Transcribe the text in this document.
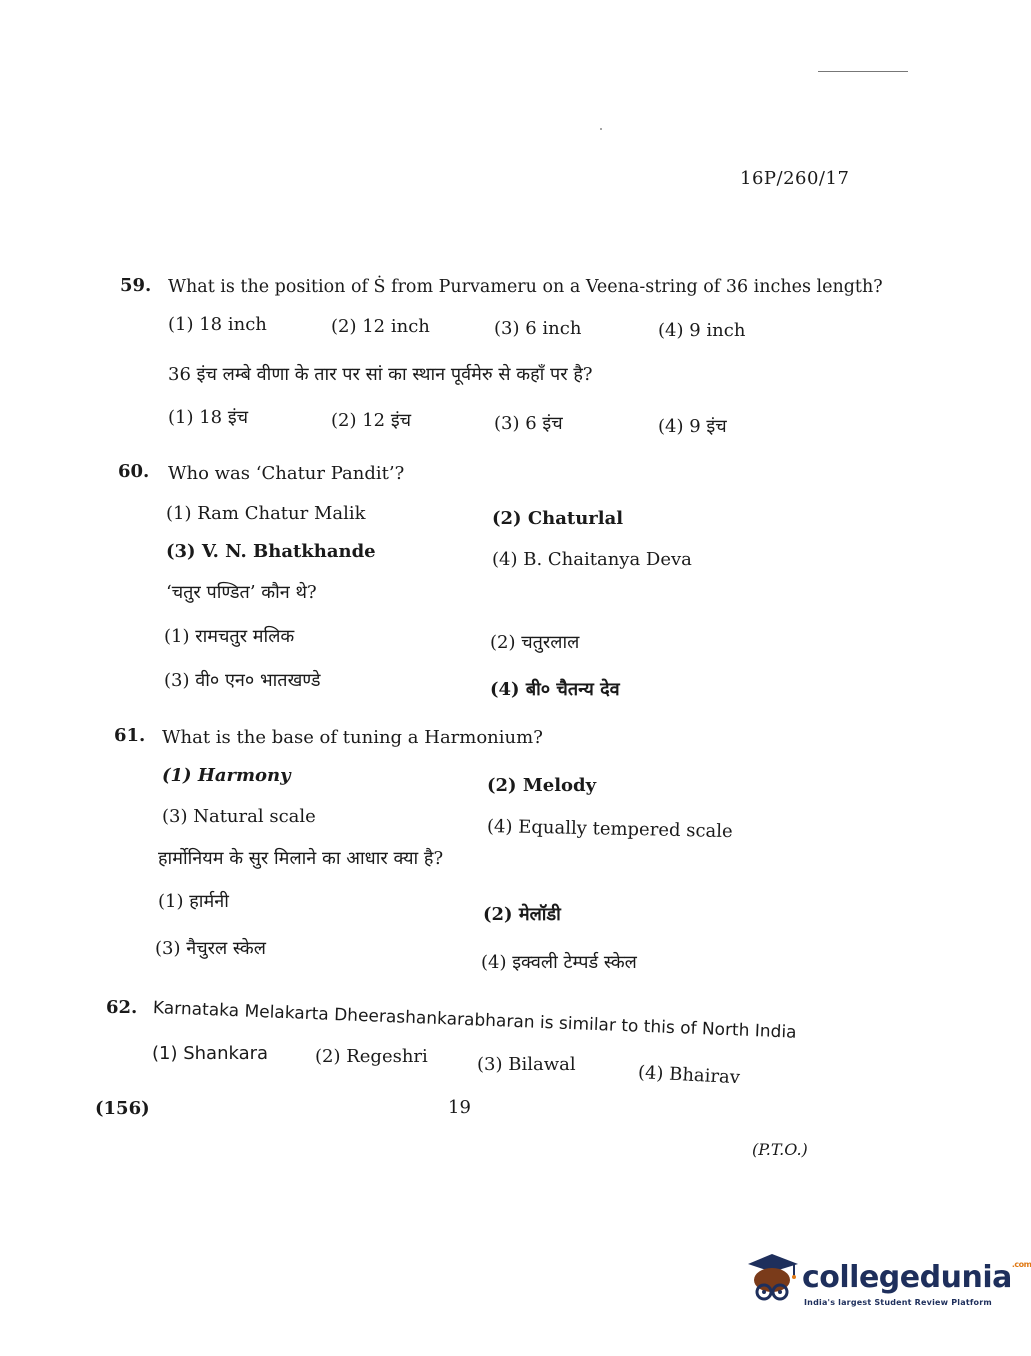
16P/260/17
59. What is the position of Ṡ from Purvameru on a Veena-string of 36 inches length?
(1) 18 inch	(2) 12 inch	(3) 6 inch	(4) 9 inch
36 इंच लम्बे वीणा के तार पर सां का स्थान पूर्वमेरु से कहाँ पर है?
(1) 18 इंच	(2) 12 इंच	(3) 6 इंच	(4) 9 इंच
60. Who was ‘Chatur Pandit’?
(1) Ram Chatur Malik	(2) Chaturlal
(3) V. N. Bhatkhande	(4) B. Chaitanya Deva
‘चतुर पण्डित’ कौन थे?
(1) रामचतुर मलिक	(2) चतुरलाल
(3) वी० एन० भातखण्डे	(4) बी० चैतन्य देव
61. What is the base of tuning a Harmonium?
(1) Harmony	(2) Melody
(3) Natural scale	(4) Equally tempered scale
हार्मोनियम के सुर मिलाने का आधार क्या है?
(1) हार्मनी
(2) मेलॉडी
(3) नैचुरल स्केल
(4) इक्वली टेम्पर्ड स्केल
62. Karnataka Melakarta Dheerashankarabharan is similar to this of North India
(1) Shankara	(2) Regeshri	(3) Bilawal	(4) Bhairav
(156)	19
(P.T.O.)
collegedunia$^{.com}$
India's largest Student Review Platform
